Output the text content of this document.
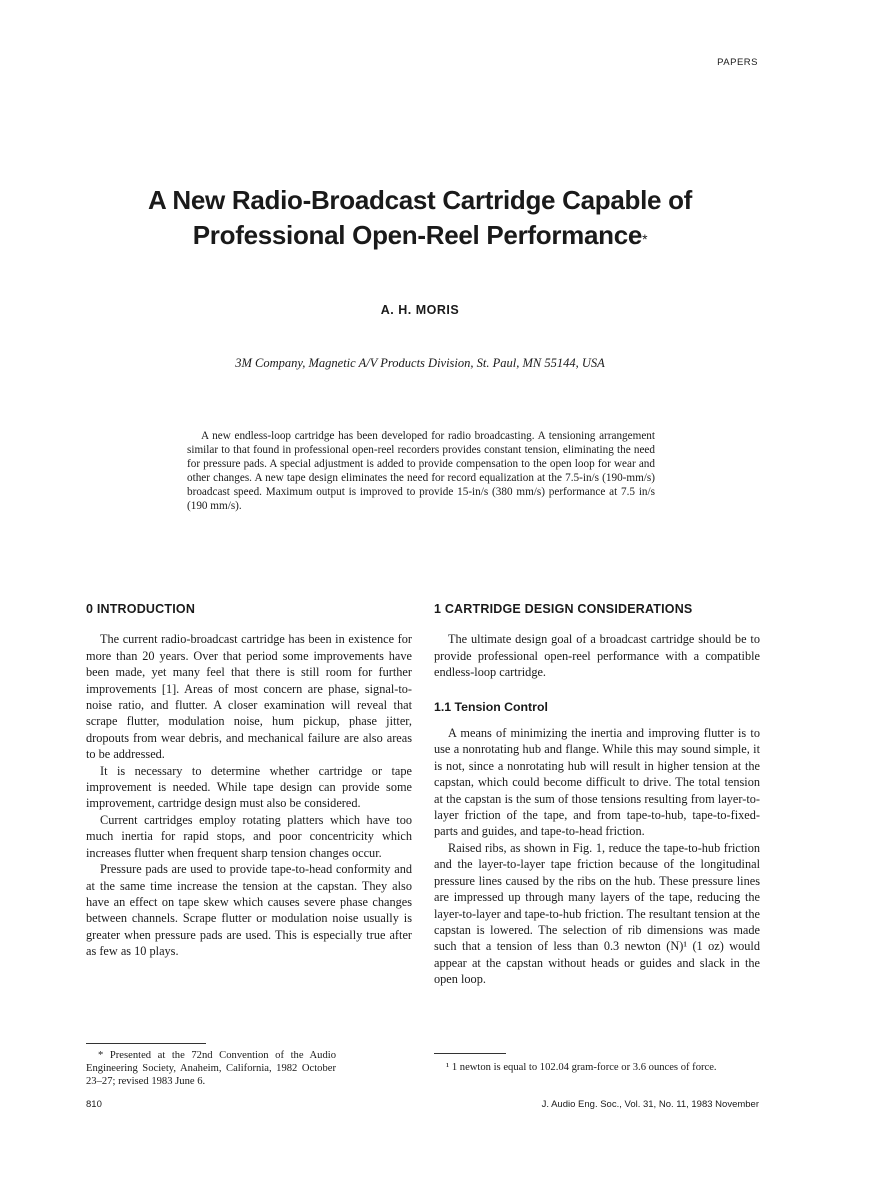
PAPERS
A New Radio-Broadcast Cartridge Capable of
Professional Open-Reel Performance*
A. H. MORIS
3M Company, Magnetic A/V Products Division, St. Paul, MN 55144, USA

A new endless-loop cartridge has been developed for radio broadcasting. A tensioning arrangement similar to that found in professional open-reel recorders provides constant tension, eliminating the need for pressure pads. A special adjustment is added to provide compensation to the open loop for wear and other changes. A new tape design eliminates the need for record equalization at the 7.5-in/s (190-mm/s) broadcast speed. Maximum output is improved to provide 15-in/s (380 mm/s) performance at 7.5 in/s (190 mm/s).

0 INTRODUCTION

The current radio-broadcast cartridge has been in existence for more than 20 years. Over that period some improvements have been made, yet many feel that there is still room for further improvements [1]. Areas of most concern are phase, signal-to-noise ratio, and flutter. A closer examination will reveal that scrape flutter, modulation noise, hum pickup, phase jitter, dropouts from wear debris, and mechanical failure are also areas to be addressed.

It is necessary to determine whether cartridge or tape improvement is needed. While tape design can provide some improvement, cartridge design must also be considered.

Current cartridges employ rotating platters which have too much inertia for rapid stops, and poor concentricity which increases flutter when frequent sharp tension changes occur.

Pressure pads are used to provide tape-to-head conformity and at the same time increase the tension at the capstan. They also have an effect on tape skew which causes severe phase changes between channels. Scrape flutter or modulation noise usually is greater when pressure pads are used. This is especially true after as few as 10 plays.

1 CARTRIDGE DESIGN CONSIDERATIONS

The ultimate design goal of a broadcast cartridge should be to provide professional open-reel performance with a compatible endless-loop cartridge.

1.1 Tension Control

A means of minimizing the inertia and improving flutter is to use a nonrotating hub and flange. While this may sound simple, it is not, since a nonrotating hub will result in higher tension at the capstan, which could become difficult to drive. The total tension at the capstan is the sum of those tensions resulting from layer-to-layer friction of the tape, and from tape-to-hub, tape-to-fixed-parts and guides, and tape-to-head friction.

Raised ribs, as shown in Fig. 1, reduce the tape-to-hub friction and the layer-to-layer tape friction because of the longitudinal pressure lines caused by the ribs on the hub. These pressure lines are impressed up through many layers of the tape, reducing the layer-to-layer and tape-to-hub friction. The resultant tension at the capstan is lowered. The selection of rib dimensions was made such that a tension of less than 0.3 newton (N)¹ (1 oz) would appear at the capstan without heads or guides and slack in the open loop.

* Presented at the 72nd Convention of the Audio Engineering Society, Anaheim, California, 1982 October 23–27; revised 1983 June 6.

¹ 1 newton is equal to 102.04 gram-force or 3.6 ounces of force.

810	J. Audio Eng. Soc., Vol. 31, No. 11, 1983 November
